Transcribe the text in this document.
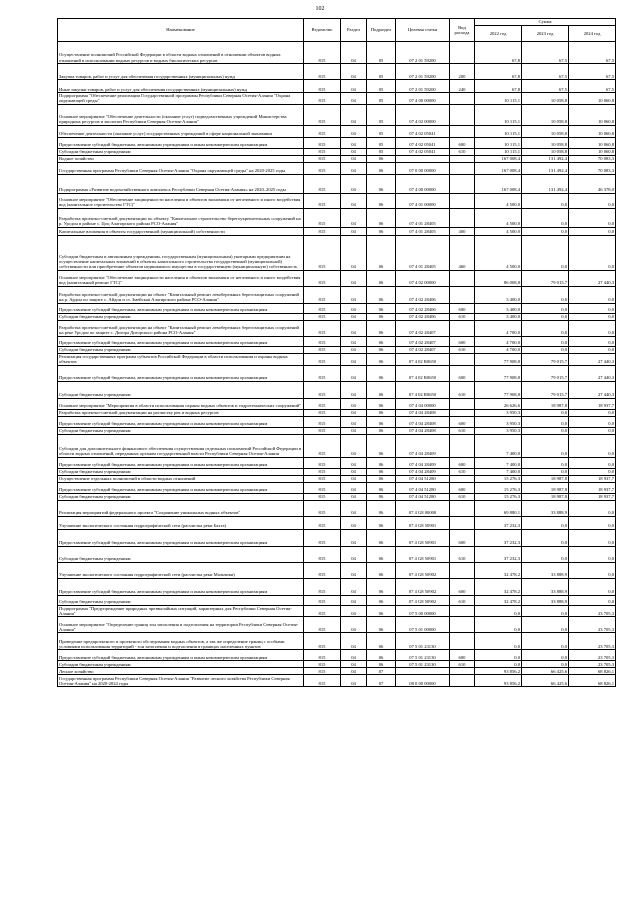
102
Наименование	Ведомство	Раздел	Подраздел	Целевая статья	Вид расхода	Сумма		
						2022 год	2023 год	2024 год
Осуществление полномочий Российской Федерации в области водных отношений в отношении объектов водных отношений в использовании водных ресурсов и водных биологических ресурсов	815	04	05	07 2 01 59200		67,8	67,5	67,5
Закупка товаров, работ и услуг для обеспечения государственных (муниципальных) нужд	815	04	05	07 2 01 59200	200	67,8	67,5	67,5
Иные закупки товаров, работ и услуг для обеспечения государственных (муниципальных) нужд	815	04	05	07 2 01 59200	240	67,8	67,5	67,5
Подпрограмма "Обеспечение реализации Государственной программы Республики Северная Осетия-Алания "Охрана окружающей среды"	815	04	05	07 4 00 00000		10 115,1	10 058,8	10 060,8
Основное мероприятие "Обеспечение деятельности (оказание услуг) подведомственных учреждений Министерства природных ресурсов и экологии Республики Северная Осетия-Алания"	815	04	05	07 4 02 00000		10 115,1	10 058,8	10 060,8
Обеспечение деятельности (оказание услуг) государственных учреждений в сфере национальной экономики	815	04	05	07 4 02 05041		10 115,1	10 058,8	10 060,8
Предоставление субсидий бюджетным, автономным учреждениям и иным некоммерческим организациям	815	04	05	07 4 02 05041	600	10 115,1	10 058,8	10 060,8
Субсидии бюджетным учреждениям	815	04	05	07 4 02 05041	610	10 115,1	10 058,8	10 060,8
Водное хозяйство	815	04	06			167 008,4	131 492,4	70 083,3
Государственная программа Республики Северная Осетия-Алания "Охрана окружающей среды" на 2020-2025 годы	815	04	06	07 0 00 00000		167 008,4	131 492,4	70 083,3
Подпрограмма «Развитие водохозяйственного комплекса Республики Северная Осетия-Алания» на 2020–2025 годы	815	04	06	07 4 00 00000		167 008,4	131 492,4	46 378,0
Основное мероприятие "Обеспечение защищенности населения и объектов экономики от негативного и иного воздействия вод (капитальное строительство ГТС)"	815	04	06	07 4 01 00000		4 500,0	0,0	0,0
Разработка проектно-сметной документации по объекту "Капитальное строительство берегоукрепительных сооружений на р. Урсдон в районе с. Цоц Алагирского района РСО-Алания"	815	04	06	07 4 01 28405		4 500,0	0,0	0,0
Капитальные вложения в объекты государственной (муниципальной) собственности	815	04	06	07 4 01 28405	400	4 500,0	0,0	0,0
Субсидии бюджетным и автономным учреждениям, государственным (муниципальным) унитарным предприятиям на осуществление капитальных вложений в объекты капитального строительства государственной (муниципальной) собственности или приобретение объектов недвижимого имущества в государственную (муниципальную) собственность	815	04	06	07 4 01 28405	460	4 500,0	0,0	0,0
Основное мероприятие "Обеспечение защищенности населения и объектов экономики от негативного и иного воздействия вод (капитальный ремонт ГТС)"	815	04	06	07 4 02 00000		86 008,8	79 015,7	27 440,3
Разработка проектно-сметной документации на объект "Капитальный ремонт левобережных берегозащитных сооружений на р. Ардон по защите с. Айдон и ст. Змейская Алагирского района РСО-Алания"	815	04	06	07 4 02 28406		3 400,0	0,0	0,0
Предоставление субсидий бюджетным, автономным учреждениям и иным некоммерческим организациям	815	04	06	07 4 02 28406	600	3 400,0	0,0	0,0
Субсидии бюджетным учреждениям	815	04	06	07 4 02 28406	610	3 400,0	0,0	0,0
Разработка проектно-сметной документации на объект "Капитальный ремонт левобережных берегозащитных сооружений на реке Урсдон по защите с. Дигора Дигорского района РСО-Алания"	815	04	06	07 4 02 28407		4 700,0	0,0	0,0
Предоставление субсидий бюджетным, автономным учреждениям и иным некоммерческим организациям	815	04	06	07 4 02 28407	600	4 700,0	0,0	0,0
Субсидии бюджетным учреждениям	815	04	06	07 4 02 28407	610	4 700,0	0,0	0,0
Реализация государственных программ субъектов Российской Федерации в области использования и охраны водных объектов	815	04	06	07 4 02 R0650		77 908,8	79 015,7	27 440,3
Предоставление субсидий бюджетным, автономным учреждениям и иным некоммерческим организациям	815	04	06	07 4 02 R0650	600	77 908,8	79 015,7	27 440,3
Субсидии бюджетным учреждениям	815	04	06	07 4 02 R0650	610	77 908,8	79 015,7	27 440,3
Основное мероприятие "Мероприятия в области использования охраны водных объектов и гидротехнических сооружений"	815	04	06	07 4 04 00000		26 626,6	18 987,8	18 937,7
Разработка проектно-сметной документации на расчистку рек и водных ресурсов	815	04	06	07 4 04 28408		3 950,3	0,0	0,0
Предоставление субсидий бюджетным, автономным учреждениям и иным некоммерческим организациям	815	04	06	07 4 04 28408	600	3 950,3	0,0	0,0
Субсидии бюджетным учреждениям	815	04	06	07 4 04 28408	610	3 950,3	0,0	0,0
Субсидии для дополнительного финансового обеспечения осуществления отдельных полномочий Российской Федерации в области водных отношений, переданных органам государственной власти Республики Северная Осетия-Алания	815	04	06	07 4 04 28409		7 400,0	0,0	0,0
Предоставление субсидий бюджетным, автономным учреждениям и иным некоммерческим организациям	815	04	06	07 4 04 28409	600	7 400,0	0,0	0,0
Субсидии бюджетным учреждениям	815	04	06	07 4 04 28409	610	7 400,0	0,0	0,0
Осуществление отдельных полномочий в области водных отношений	815	04	06	07 4 04 51280		15 276,3	18 987,8	18 937,7
Предоставление субсидий бюджетным, автономным учреждениям и иным некоммерческим организациям	815	04	06	07 4 04 51280	600	15 276,3	18 987,8	18 937,7
Субсидии бюджетным учреждениям	815	04	06	07 4 04 51280	610	15 276,3	18 987,8	18 937,7
Реализация мероприятий федерального проекта "Сохранение уникальных водных объектов"	815	04	06	07 4 G8 00000		69 880,1	33 888,9	0,0
Улучшение экологического состояния гидрографической сети (расчистка реки Бахта)	815	04	06	07 4 G8 50901		37 232,3	0,0	0,0
Предоставление субсидий бюджетным, автономным учреждениям и иным некоммерческим организациям	815	04	06	07 4 G8 50901	600	37 232,3	0,0	0,0
Субсидии бюджетным учреждениям	815	04	06	07 4 G8 50901	610	37 232,3	0,0	0,0
Улучшение экологического состояния гидрографической сети (расчистка реки Мальчики)	815	04	06	07 4 G8 50902		32 478,2	33 888,9	0,0
Предоставление субсидий бюджетным, автономным учреждениям и иным некоммерческим организациям	815	04	06	07 4 G8 50902	600	32 478,2	33 888,9	0,0
Субсидии бюджетным учреждениям	815	04	06	07 4 G8 50902	610	32 478,2	33 888,9	0,0
Подпрограмма "Предупреждение природных чрезвычайных ситуаций, характерных для Республики Северная Осетия-Алания"	815	04	06	07 5 00 00000		0,0	0,0	23 705,3
Основное мероприятие "Определение границ зон затопления и подтопления на территории Республики Северная Осетия-Алания"	815	04	06	07 5 01 00000		0,0	0,0	23 705,3
Проведение предпроектного и проектного обследования водных объектов, а так же определение границ с особыми условиями использования территорий - зон затопления и подтопления в границах населенных пунктов	815	04	06	07 5 01 23130		0,0	0,0	23 705,3
Предоставление субсидий бюджетным, автономным учреждениям и иным некоммерческим организациям	815	04	06	07 5 01 23130	600	0,0	0,0	23 705,3
Субсидии бюджетным учреждениям	815	04	06	07 5 01 23130	610	0,0	0,0	23 705,3
Лесное хозяйство	815	04	07			93 856,2	66 425,6	68 826,1
Государственная программа Республики Северная Осетия-Алания "Развитие лесного хозяйства Республики Северная Осетия-Алания" на 2020-2024 годы	815	04	07	08 0 00 00000		93 856,2	66 425,6	68 826,1
